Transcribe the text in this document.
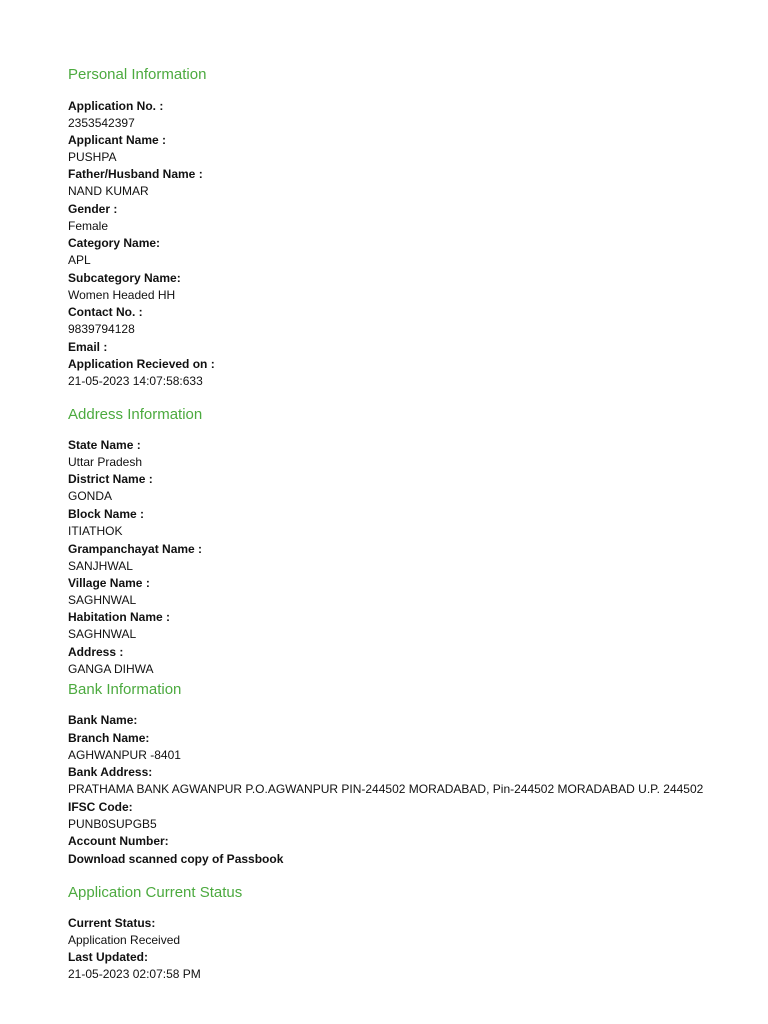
Personal Information
Application No. :
2353542397
Applicant Name :
PUSHPA
Father/Husband Name :
NAND KUMAR
Gender :
Female
Category Name:
APL
Subcategory Name:
Women Headed HH
Contact No. :
9839794128
Email :
Application Recieved on :
21-05-2023 14:07:58:633
Address Information
State Name :
Uttar Pradesh
District Name :
GONDA
Block Name :
ITIATHOK
Grampanchayat Name :
SANJHWAL
Village Name :
SAGHNWAL
Habitation Name :
SAGHNWAL
Address :
GANGA DIHWA
Bank Information
Bank Name:
Branch Name:
AGHWANPUR -8401
Bank Address:
PRATHAMA BANK AGWANPUR P.O.AGWANPUR PIN-244502 MORADABAD, Pin-244502 MORADABAD U.P. 244502
IFSC Code:
PUNB0SUPGB5
Account Number:
Download scanned copy of Passbook
Application Current Status
Current Status:
Application Received
Last Updated:
21-05-2023 02:07:58 PM
